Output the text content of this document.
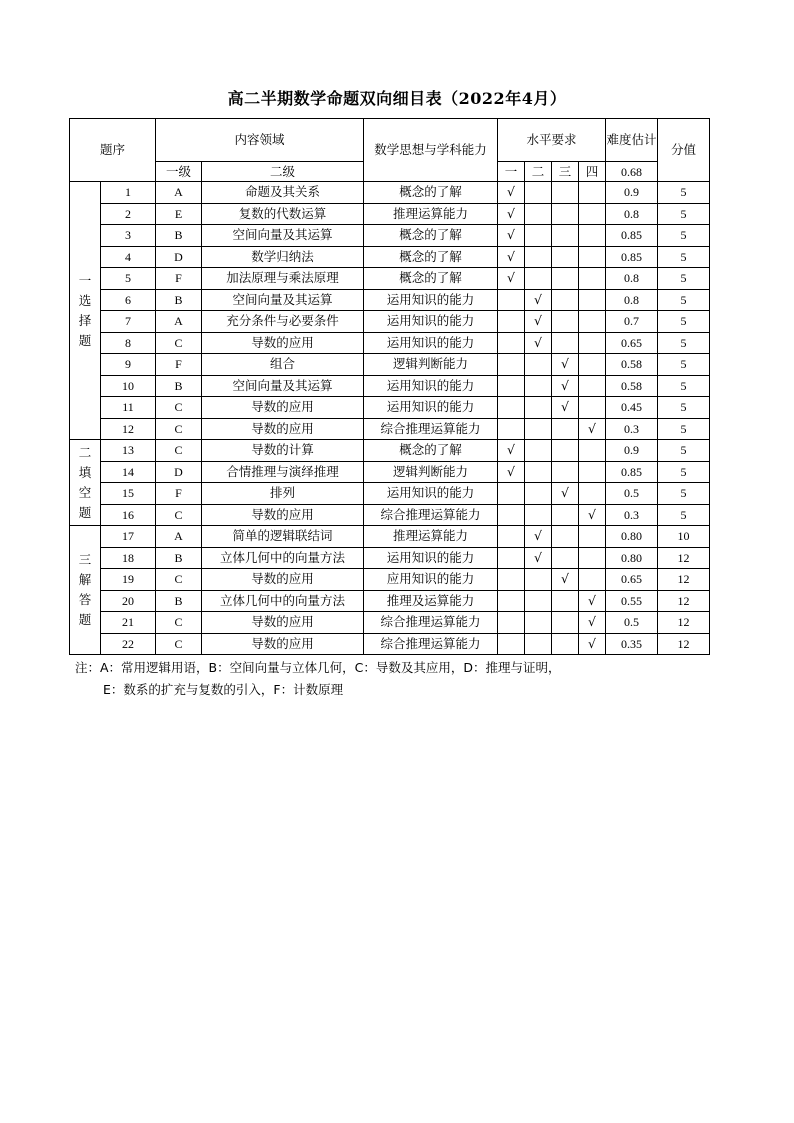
高二半期数学命题双向细目表（2022年4月）
题序		内容领域		数学思想与学科能力	水平要求				难度估计	分值
		一级	二级		一	二	三	四	0.68	

一
选
择
题	1	A	命题及其关系	概念的了解	√				0.9	5
	2	E	复数的代数运算	推理运算能力	√				0.8	5
	3	B	空间向量及其运算	概念的了解	√				0.85	5
	4	D	数学归纳法	概念的了解	√				0.85	5
	5	F	加法原理与乘法原理	概念的了解	√				0.8	5
	6	B	空间向量及其运算	运用知识的能力		√			0.8	5
	7	A	充分条件与必要条件	运用知识的能力		√			0.7	5
	8	C	导数的应用	运用知识的能力		√			0.65	5
	9	F	组合	逻辑判断能力			√		0.58	5
	10	B	空间向量及其运算	运用知识的能力			√		0.58	5
	11	C	导数的应用	运用知识的能力			√		0.45	5
	12	C	导数的应用	综合推理运算能力				√	0.3	5

二
填
空
题	13	C	导数的计算	概念的了解	√				0.9	5
	14	D	合情推理与演绎推理	逻辑判断能力	√				0.85	5
	15	F	排列	运用知识的能力			√		0.5	5
	16	C	导数的应用	综合推理运算能力				√	0.3	5

三
解
答
题	17	A	简单的逻辑联结词	推理运算能力		√			0.80	10
	18	B	立体几何中的向量方法	运用知识的能力		√			0.80	12
	19	C	导数的应用	应用知识的能力			√		0.65	12
	20	B	立体几何中的向量方法	推理及运算能力				√	0.55	12
	21	C	导数的应用	综合推理运算能力				√	0.5	12
	22	C	导数的应用	综合推理运算能力				√	0.35	12
注：A：常用逻辑用语，B：空间向量与立体几何，C：导数及其应用，D：推理与证明，
E：数系的扩充与复数的引入，F：计数原理
